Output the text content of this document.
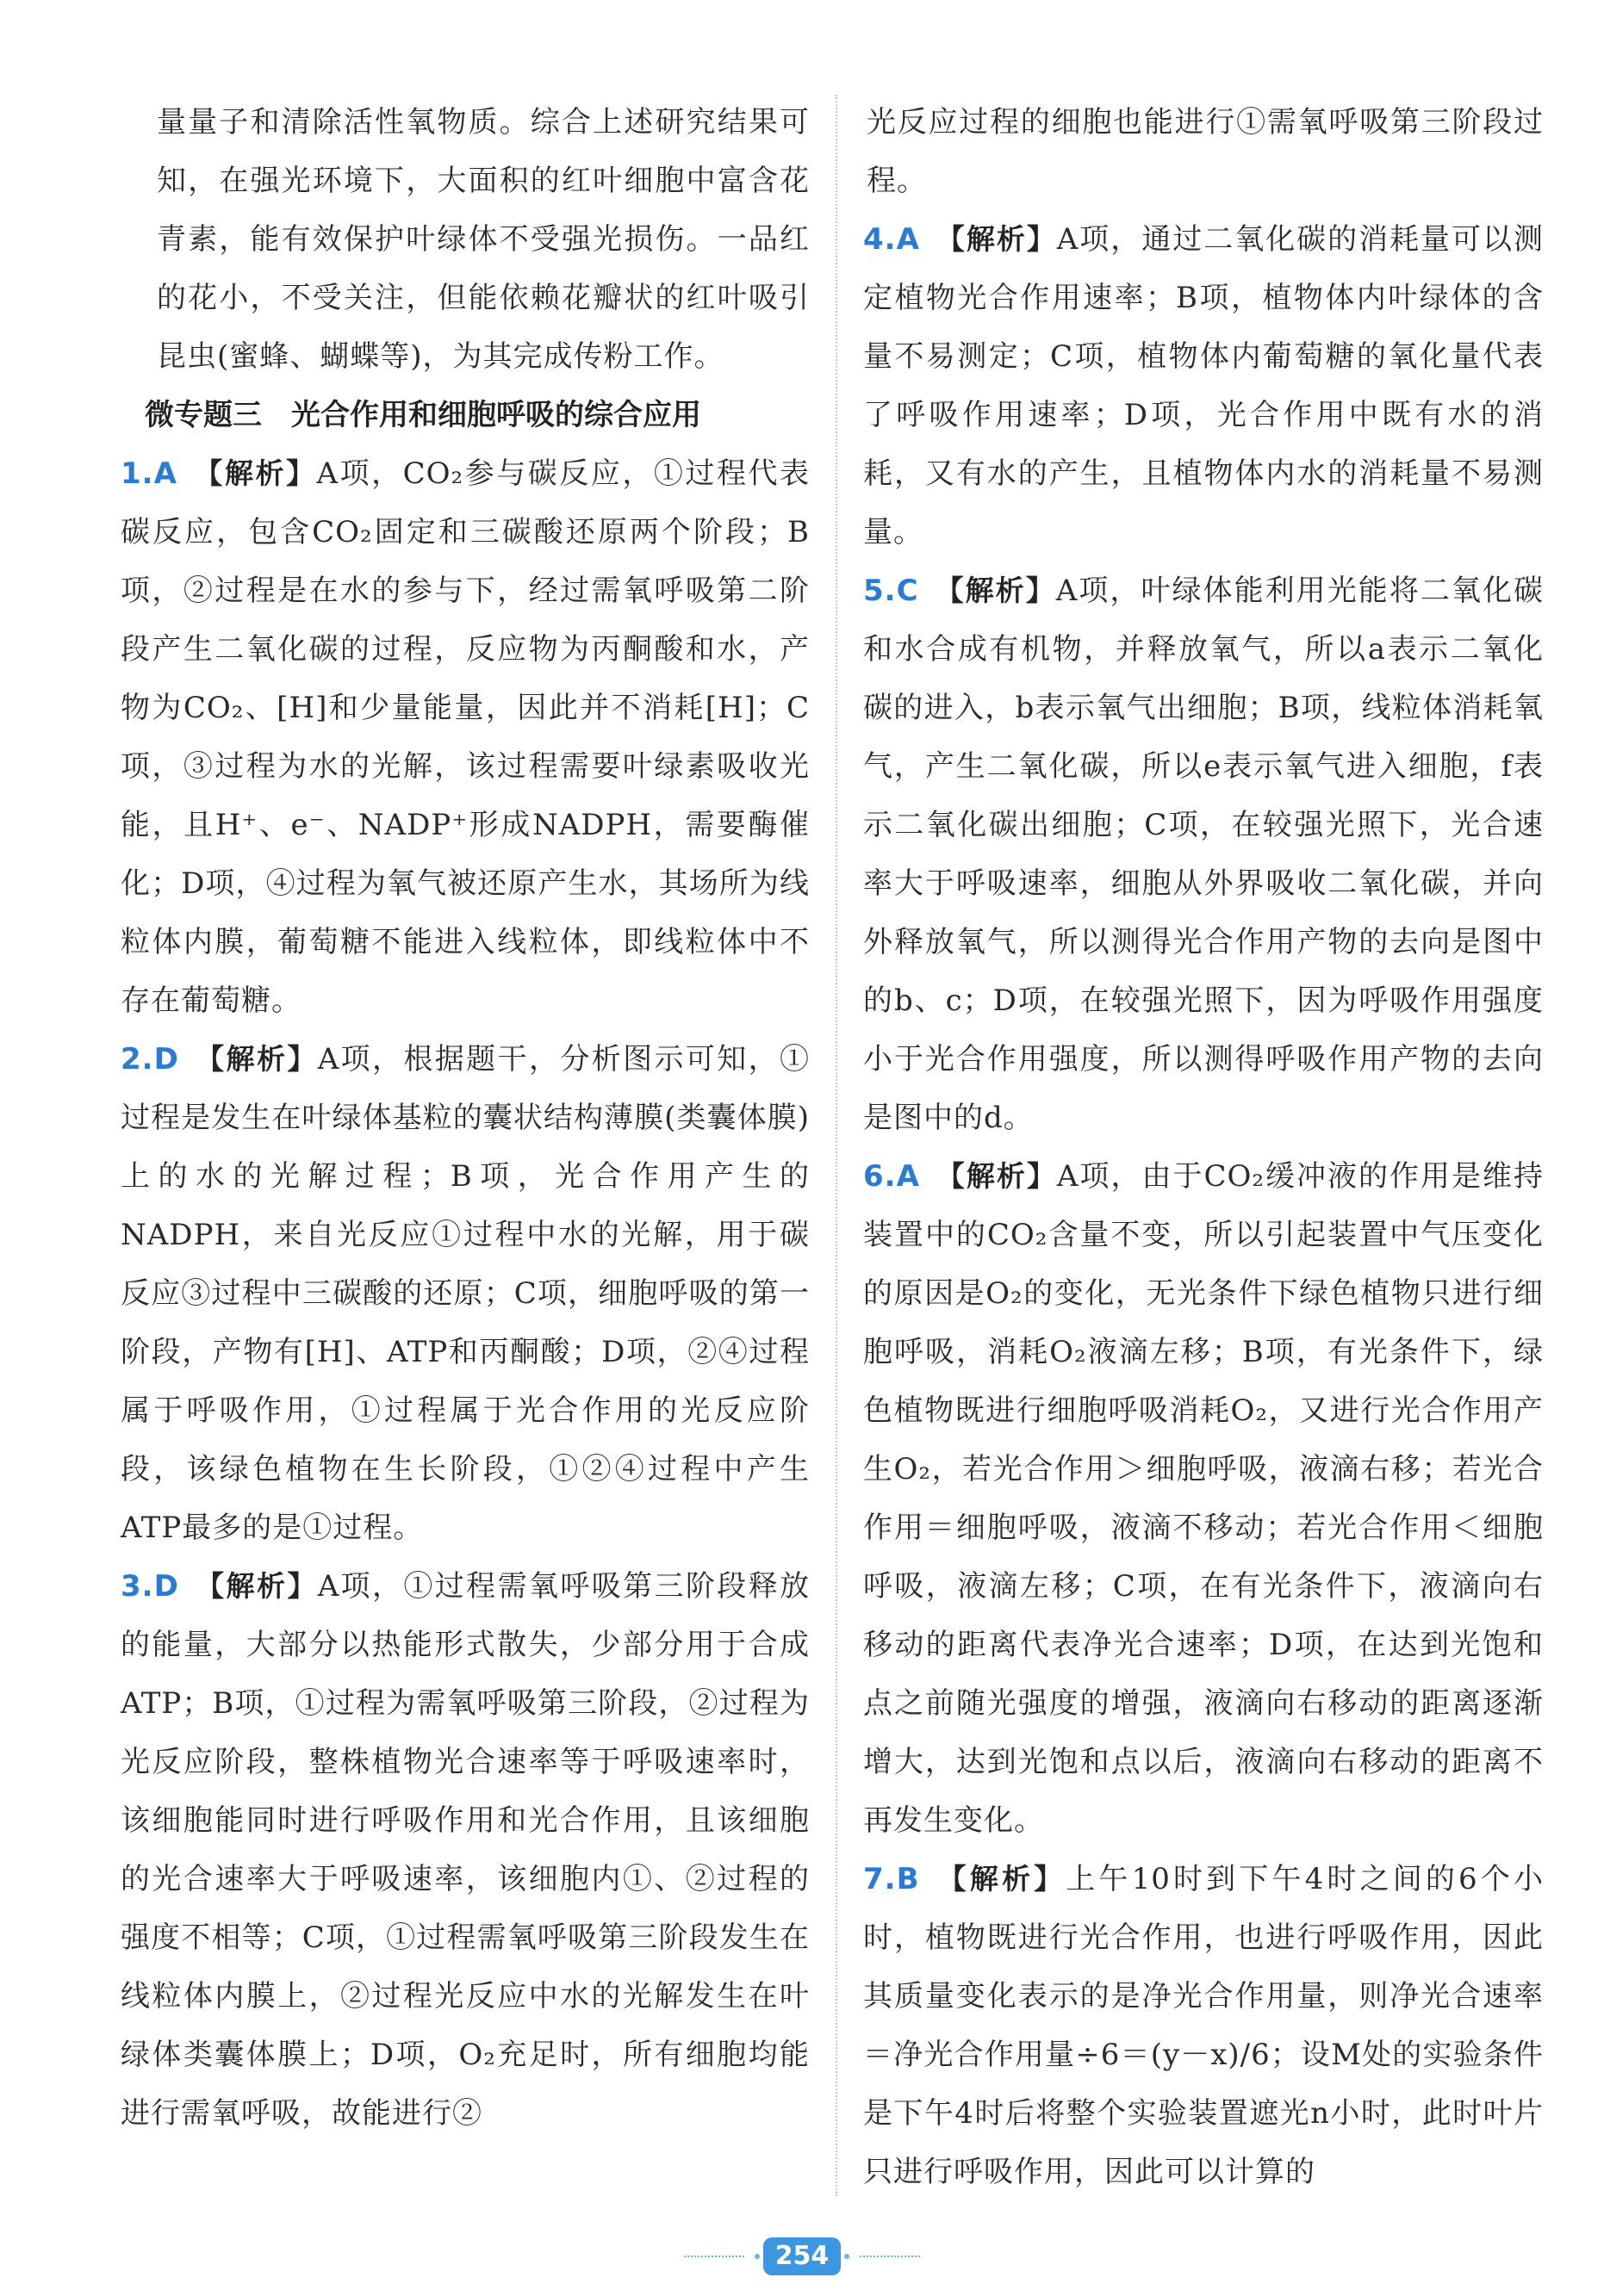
量量子和清除活性氧物质。综合上述研究结果可知，在强光环境下，大面积的红叶细胞中富含花青素，能有效保护叶绿体不受强光损伤。一品红的花小，不受关注，但能依赖花瓣状的红叶吸引昆虫(蜜蜂、蝴蝶等)，为其完成传粉工作。

微专题三　光合作用和细胞呼吸的综合应用

1.A 【解析】A项，CO₂参与碳反应，①过程代表碳反应，包含CO₂固定和三碳酸还原两个阶段；B项，②过程是在水的参与下，经过需氧呼吸第二阶段产生二氧化碳的过程，反应物为丙酮酸和水，产物为CO₂、[H]和少量能量，因此并不消耗[H]；C项，③过程为水的光解，该过程需要叶绿素吸收光能，且H⁺、e⁻、NADP⁺形成NADPH，需要酶催化；D项，④过程为氧气被还原产生水，其场所为线粒体内膜，葡萄糖不能进入线粒体，即线粒体中不存在葡萄糖。

2.D 【解析】A项，根据题干，分析图示可知，①过程是发生在叶绿体基粒的囊状结构薄膜(类囊体膜)上的水的光解过程；B项，光合作用产生的NADPH，来自光反应①过程中水的光解，用于碳反应③过程中三碳酸的还原；C项，细胞呼吸的第一阶段，产物有[H]、ATP和丙酮酸；D项，②④过程属于呼吸作用，①过程属于光合作用的光反应阶段，该绿色植物在生长阶段，①②④过程中产生ATP最多的是①过程。

3.D 【解析】A项，①过程需氧呼吸第三阶段释放的能量，大部分以热能形式散失，少部分用于合成ATP；B项，①过程为需氧呼吸第三阶段，②过程为光反应阶段，整株植物光合速率等于呼吸速率时，该细胞能同时进行呼吸作用和光合作用，且该细胞的光合速率大于呼吸速率，该细胞内①、②过程的强度不相等；C项，①过程需氧呼吸第三阶段发生在线粒体内膜上，②过程光反应中水的光解发生在叶绿体类囊体膜上；D项，O₂充足时，所有细胞均能进行需氧呼吸，故能进行②

光反应过程的细胞也能进行①需氧呼吸第三阶段过程。

4.A 【解析】A项，通过二氧化碳的消耗量可以测定植物光合作用速率；B项，植物体内叶绿体的含量不易测定；C项，植物体内葡萄糖的氧化量代表了呼吸作用速率；D项，光合作用中既有水的消耗，又有水的产生，且植物体内水的消耗量不易测量。

5.C 【解析】A项，叶绿体能利用光能将二氧化碳和水合成有机物，并释放氧气，所以a表示二氧化碳的进入，b表示氧气出细胞；B项，线粒体消耗氧气，产生二氧化碳，所以e表示氧气进入细胞，f表示二氧化碳出细胞；C项，在较强光照下，光合速率大于呼吸速率，细胞从外界吸收二氧化碳，并向外释放氧气，所以测得光合作用产物的去向是图中的b、c；D项，在较强光照下，因为呼吸作用强度小于光合作用强度，所以测得呼吸作用产物的去向是图中的d。

6.A 【解析】A项，由于CO₂缓冲液的作用是维持装置中的CO₂含量不变，所以引起装置中气压变化的原因是O₂的变化，无光条件下绿色植物只进行细胞呼吸，消耗O₂液滴左移；B项，有光条件下，绿色植物既进行细胞呼吸消耗O₂，又进行光合作用产生O₂，若光合作用＞细胞呼吸，液滴右移；若光合作用＝细胞呼吸，液滴不移动；若光合作用＜细胞呼吸，液滴左移；C项，在有光条件下，液滴向右移动的距离代表净光合速率；D项，在达到光饱和点之前随光强度的增强，液滴向右移动的距离逐渐增大，达到光饱和点以后，液滴向右移动的距离不再发生变化。

7.B 【解析】上午10时到下午4时之间的6个小时，植物既进行光合作用，也进行呼吸作用，因此其质量变化表示的是净光合作用量，则净光合速率＝净光合作用量÷6＝(y－x)/6；设M处的实验条件是下午4时后将整个实验装置遮光n小时，此时叶片只进行呼吸作用，因此可以计算的

254
